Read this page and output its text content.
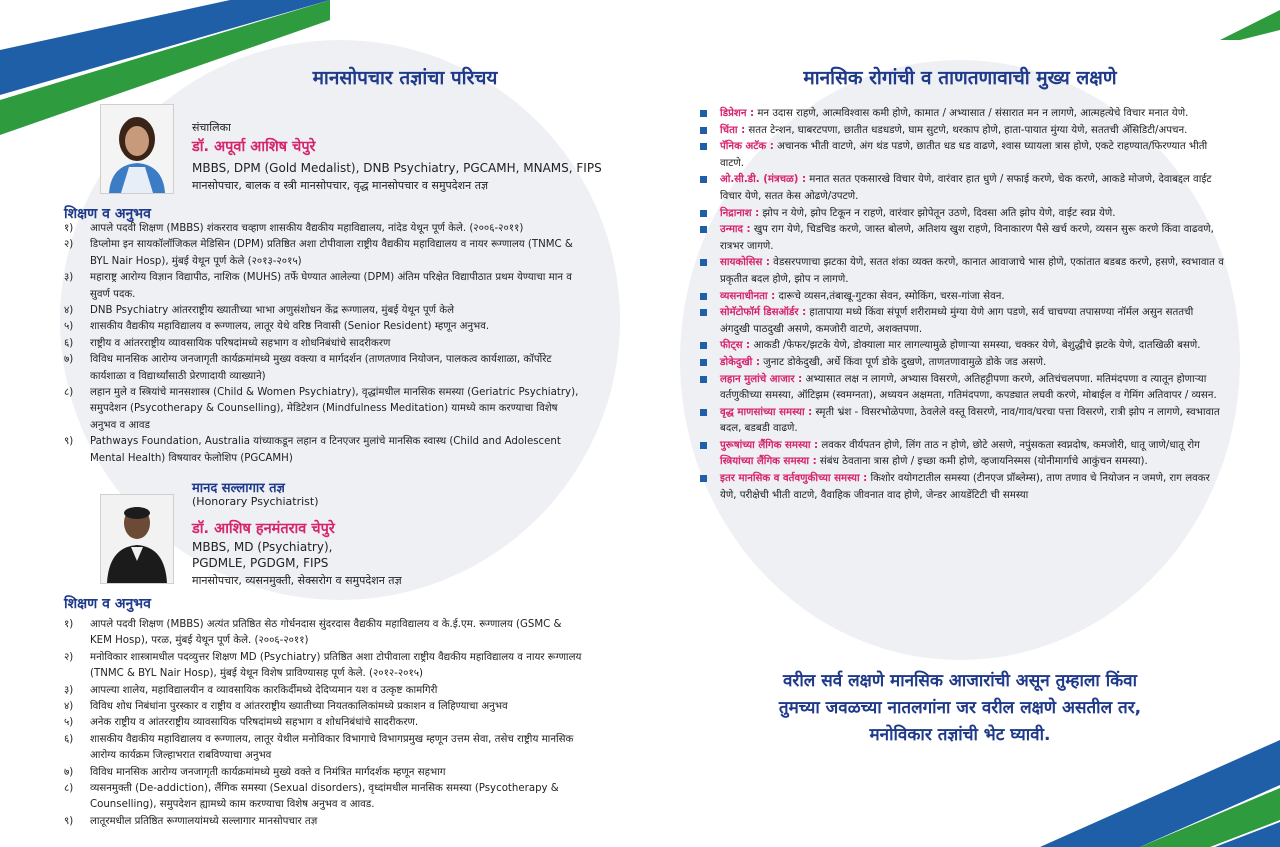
मानसोपचार तज्ञांचा परिचय
संचालिका
डॉ. अपूर्वा आशिष चेपुरे
MBBS, DPM (Gold Medalist), DNB Psychiatry, PGCAMH, MNAMS, FIPS
मानसोपचार, बालक व स्त्री मानसोपचार, वृद्ध मानसोपचार व समुपदेशन तज्ञ
शिक्षण व अनुभव
१) आपले पदवी शिक्षण (MBBS) शंकरराव चव्हाण शासकीय वैद्यकीय महाविद्यालय, नांदेड येथून पूर्ण केले. (२००६-२०११)
२) डिप्लोमा इन सायकॉलॉजिकल मेडिसिन (DPM) प्रतिष्ठित अशा टोपीवाला राष्ट्रीय वैद्यकीय महाविद्यालय व नायर रूग्णालय (TNMC & BYL Nair Hosp), मुंबई येथून पूर्ण केले (२०१३-२०१५)
३) महाराष्ट्र आरोग्य विज्ञान विद्यापीठ, नाशिक (MUHS) तर्फे घेण्यात आलेल्या (DPM) अंतिम परिक्षेत विद्यापीठात प्रथम येण्याचा मान व सुवर्ण पदक.
४) DNB Psychiatry आंतरराष्ट्रीय ख्यातीच्या भाभा अणुसंशोधन केंद्र रूग्णालय, मुंबई येथून पूर्ण केले
५) शासकीय वैद्यकीय महाविद्यालय व रूग्णालय, लातूर येथे वरिष्ठ निवासी (Senior Resident) म्हणून अनुभव.
६) राष्ट्रीय व आंतरराष्ट्रीय व्यावसायिक परिषदांमध्ये सहभाग व शोधनिबंधांचे सादरीकरण
७) विविध मानसिक आरोग्य जनजागृती कार्यक्रमांमध्ये मुख्य वक्त्या व मार्गदर्शन (ताणतणाव नियोजन, पालकत्व कार्यशाळा, कॉर्पोरेट कार्यशाळा व विद्यार्थ्यांसाठी प्रेरणादायी व्याख्याने)
८) लहान मुले व स्त्रियांचे मानसशास्त्र (Child & Women Psychiatry), वृद्धांमधील मानसिक समस्या (Geriatric Psychiatry), समुपदेशन (Psycotherapy & Counselling), मेडिटेशन (Mindfulness Meditation) यामध्ये काम करण्याचा विशेष अनुभव व आवड
९) Pathways Foundation, Australia यांच्याकडून लहान व टिनएजर मुलांचे मानसिक स्वास्थ (Child and Adolescent Mental Health) विषयावर फेलोशिप (PGCAMH)
मानद सल्लागार तज्ञ
(Honorary Psychiatrist)
डॉ. आशिष हनमंतराव चेपुरे
MBBS, MD (Psychiatry),
PGDMLE, PGDGM, FIPS
मानसोपचार, व्यसनमुक्ती, सेक्सरोग व समुपदेशन तज्ञ
शिक्षण व अनुभव
१) आपले पदवी शिक्षण (MBBS) अत्यंत प्रतिष्ठित सेठ गोर्धनदास सुंदरदास वैद्यकीय महाविद्यालय व के.ई.एम. रूग्णालय (GSMC & KEM Hosp), परळ, मुंबई येथून पूर्ण केले. (२००६-२०११)
२) मनोविकार शास्त्रामधील पदव्युत्तर शिक्षण MD (Psychiatry) प्रतिष्ठित अशा टोपीवाला राष्ट्रीय वैद्यकीय महाविद्यालय व नायर रूग्णालय (TNMC & BYL Nair Hosp), मुंबई येथून विशेष प्राविण्यासह पूर्ण केले. (२०१२-२०१५)
३) आपल्या शालेय, महाविद्यालयीन व व्यावसायिक कारकिर्दीमध्ये देदिप्यमान यश व उत्कृष्ट कामगिरी
४) विविध शोध निबंधांना पुरस्कार व राष्ट्रीय व आंतरराष्ट्रीय ख्यातीच्या नियतकालिकांमध्ये प्रकाशन व लिहिण्याचा अनुभव
५) अनेक राष्ट्रीय व आंतरराष्ट्रीय व्यावसायिक परिषदांमध्ये सहभाग व शोधनिबंधांचे सादरीकरण.
६) शासकीय वैद्यकीय महाविद्यालय व रूग्णालय, लातूर येथील मनोविकार विभागाचे विभागप्रमुख म्हणून उत्तम सेवा, तसेच राष्ट्रीय मानसिक आरोग्य कार्यक्रम जिल्हाभरात राबविण्याचा अनुभव
७) विविध मानसिक आरोग्य जनजागृती कार्यक्रमांमध्ये मुख्ये वक्ते व निमंत्रित मार्गदर्शक म्हणून सहभाग
८) व्यसनमुक्ती (De-addiction), लैंगिक समस्या (Sexual disorders), वृध्दांमधील मानसिक समस्या (Psycotherapy & Counselling), समुपदेशन ह्यामध्ये काम करण्याचा विशेष अनुभव व आवड.
९) लातूरमधील प्रतिष्ठित रूग्णालयांमध्ये सल्लागार मानसोपचार तज्ञ
मानसिक रोगांची व ताणतणावाची मुख्य लक्षणे
डिप्रेशन : मन उदास राहणे, आत्मविश्वास कमी होणे, कामात / अभ्यासात / संसारात मन न लागणे, आत्महत्येचे विचार मनात येणे.
चिंता : सतत टेन्शन, घाबरटपणा, छातीत धडधडणे, घाम सुटणे, थरकाप होणे, हाता-पायात मुंग्या येणे, सततची ॲसिडिटी/अपचन.
पॅनिक अटॅक : अचानक भीती वाटणे, अंग थंड पडणे, छातीत धड धड वाढणे, श्वास घ्यायला त्रास होणे, एकटे राहण्यात/फिरण्यात भीती वाटणे.
ओ.सी.डी. (मंत्रचळ) : मनात सतत एकसारखे विचार येणे, वारंवार हात धुणे / सफाई करणे, चेक करणे, आकडे मोजणे, देवाबद्दल वाईट विचार येणे, सतत केस ओढणे/उपटणे.
निद्रानाश : झोप न येणे, झोप टिकून न राहणे, वारंवार झोपेतून उठणे, दिवसा अति झोप येणे, वाईट स्वप्न येणे.
उन्माद : खुप राग येणे, चिडचिड करणे, जास्त बोलणे, अतिशय खुश राहणे, विनाकारण पैसे खर्च करणे, व्यसन सुरू करणे किंवा वाढवणे, रात्रभर जागणे.
सायकोसिस : वेडसरपणाचा झटका येणे, सतत शंका व्यक्त करणे, कानात आवाजाचे भास होणे, एकांतात बडबड करणे, हसणे, स्वभावात व प्रकृतीत बदल होणे, झोप न लागणे.
व्यसनाधीनता : दारूचे व्यसन,तंबाखू-गुटका सेवन, स्मोकिंग, चरस-गांजा सेवन.
सोमॅटोफॉर्म डिसऑर्डर : हातापाया मध्ये किंवा संपूर्ण शरीरामध्ये मुंग्या येणे आग पडणे, सर्व चाचण्या तपासण्या नॉर्मल असुन सततची अंगदुखी पाठदुखी असणे, कमजोरी वाटणे, अशक्तपणा.
फीट्स : आकडी /फेफर/झटके येणे, डोक्याला मार लागल्यामुळे होणाऱ्या समस्या, चक्कर येणे, बेशुद्धीचे झटके येणे, दातखिळी बसणे.
डोकेदुखी : जुनाट डोकेदुखी, अर्धे किंवा पूर्ण डोके दुखणे, ताणतणावामुळे डोके जड असणे.
लहान मुलांचे आजार : अभ्यासात लक्ष न लागणे, अभ्यास विसरणे, अतिहट्टीपणा करणे, अतिचंचलपणा. मतिमंदपणा व त्यातून होणाऱ्या वर्तणुकीच्या समस्या, ऑटिझम (स्वमग्नता), अध्ययन अक्षमता, गतिमंदपणा, कपड्यात लघवी करणे, मोबाईल व गेमिंग अतिवापर / व्यसन.
वृद्ध माणसांच्या समस्या : स्मृती भ्रंश - विसरभोळेपणा, ठेवलेले वस्तू विसरणे, नाव/गाव/घरचा पत्ता विसरणे, रात्री झोप न लागणे, स्वभावात बदल, बडबडी वाढणे.
पुरूषांच्या लैंगिक समस्या : लवकर वीर्यपतन होणे, लिंग ताठ न होणे, छोटे असणे, नपुंसकता स्वप्नदोष, कमजोरी, धातू जाणे/धातू रोग
स्त्रियांच्या लैंगिक समस्या : संबंध ठेवताना त्रास होणे / इच्छा कमी होणे, व्हजायनिस्मस (योनीमार्गाचे आकुंचन समस्या).
इतर मानसिक व वर्तवणुकीच्या समस्या : किशोर वयोगटातील समस्या (टीनएज प्रॉब्लेम्स), ताण तणाव चे नियोजन न जमणे, राग लवकर येणे, परीक्षेची भीती वाटणे, वैवाहिक जीवनात वाद होणे, जेन्डर आयडेंटिटी ची समस्या
वरील सर्व लक्षणे मानसिक आजारांची असून तुम्हाला किंवा
तुमच्या जवळच्या नातलगांना जर वरील लक्षणे असतील तर,
मनोविकार तज्ञांची भेट घ्यावी.
